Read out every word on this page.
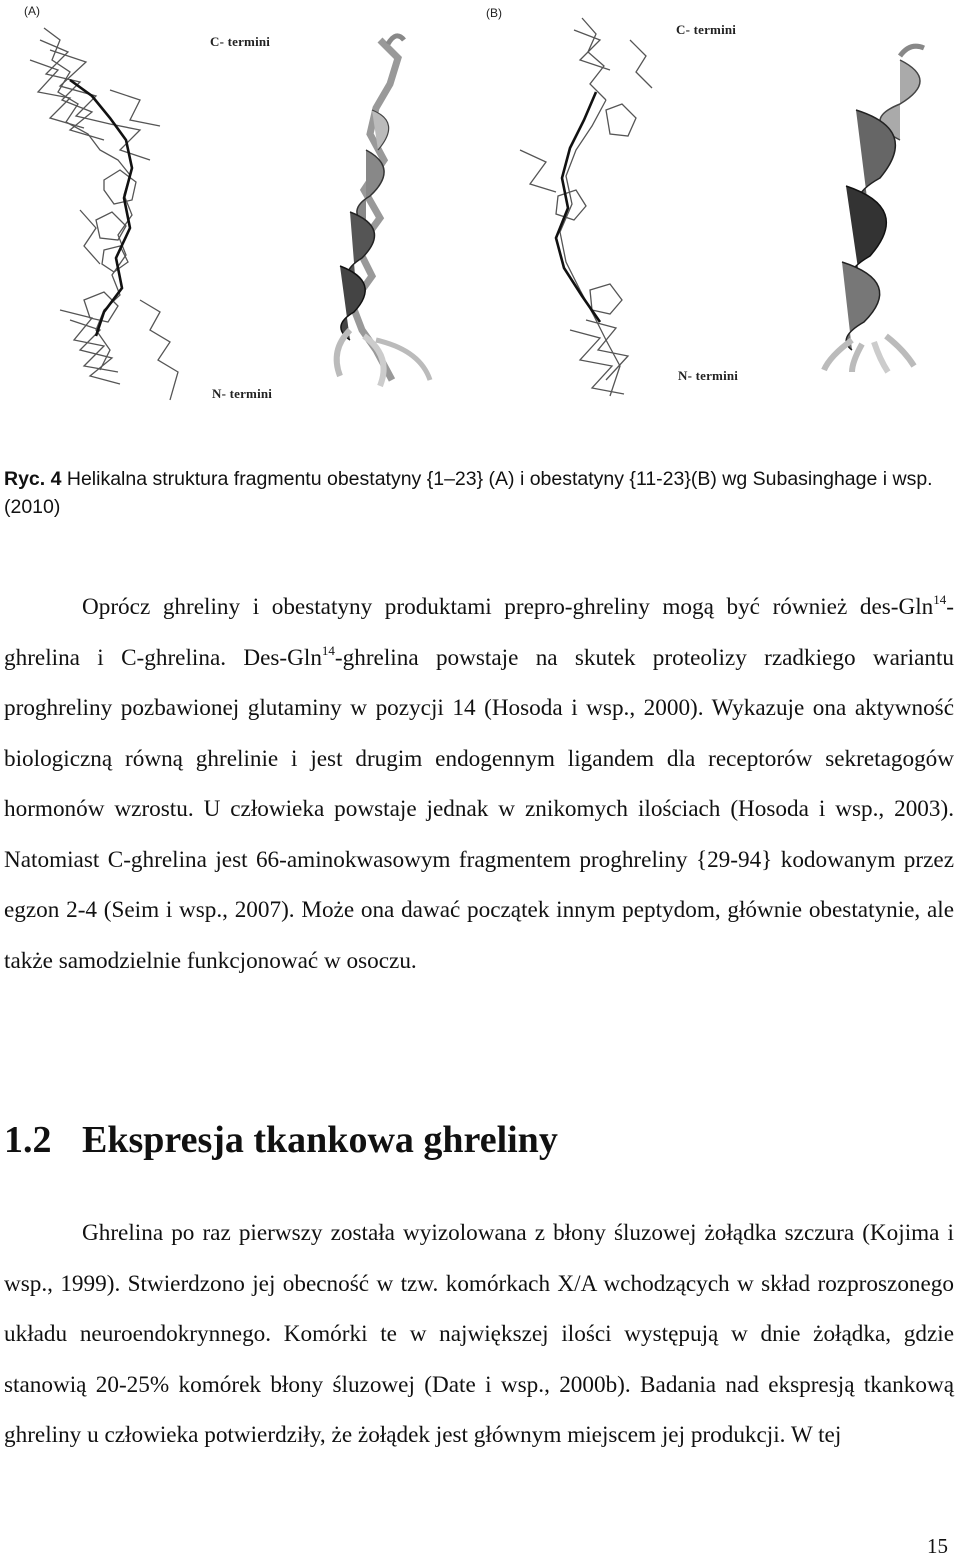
(A)	(B)
C- termini
N- termini
C- termini
N- termini
Ryc. 4 Helikalna struktura fragmentu obestatyny {1–23} (A) i obestatyny {11-23}(B) wg Subasinghage i wsp. (2010)

Oprócz ghreliny i obestatyny produktami prepro-ghreliny mogą być również des-Gln$^{14}$-ghrelina i C-ghrelina. Des-Gln$^{14}$-ghrelina powstaje na skutek proteolizy rzadkiego wariantu proghreliny pozbawionej glutaminy w pozycji 14 (Hosoda i wsp., 2000). Wykazuje ona aktywność biologiczną równą ghrelinie i jest drugim endogennym ligandem dla receptorów sekretagogów hormonów wzrostu. U człowieka powstaje jednak w znikomych ilościach (Hosoda i wsp., 2003). Natomiast C-ghrelina jest 66-aminokwasowym fragmentem proghreliny {29-94} kodowanym przez egzon 2-4 (Seim i wsp., 2007). Może ona dawać początek innym peptydom, głównie obestatynie, ale także samodzielnie funkcjonować w osoczu.

1.2 Ekspresja tkankowa ghreliny

Ghrelina po raz pierwszy została wyizolowana z błony śluzowej żołądka szczura (Kojima i wsp., 1999). Stwierdzono jej obecność w tzw. komórkach X/A wchodzących w skład rozproszonego układu neuroendokrynnego. Komórki te w największej ilości występują w dnie żołądka, gdzie stanowią 20-25% komórek błony śluzowej (Date i wsp., 2000b). Badania nad ekspresją tkankową ghreliny u człowieka potwierdziły, że żołądek jest głównym miejscem jej produkcji. W tej

15
